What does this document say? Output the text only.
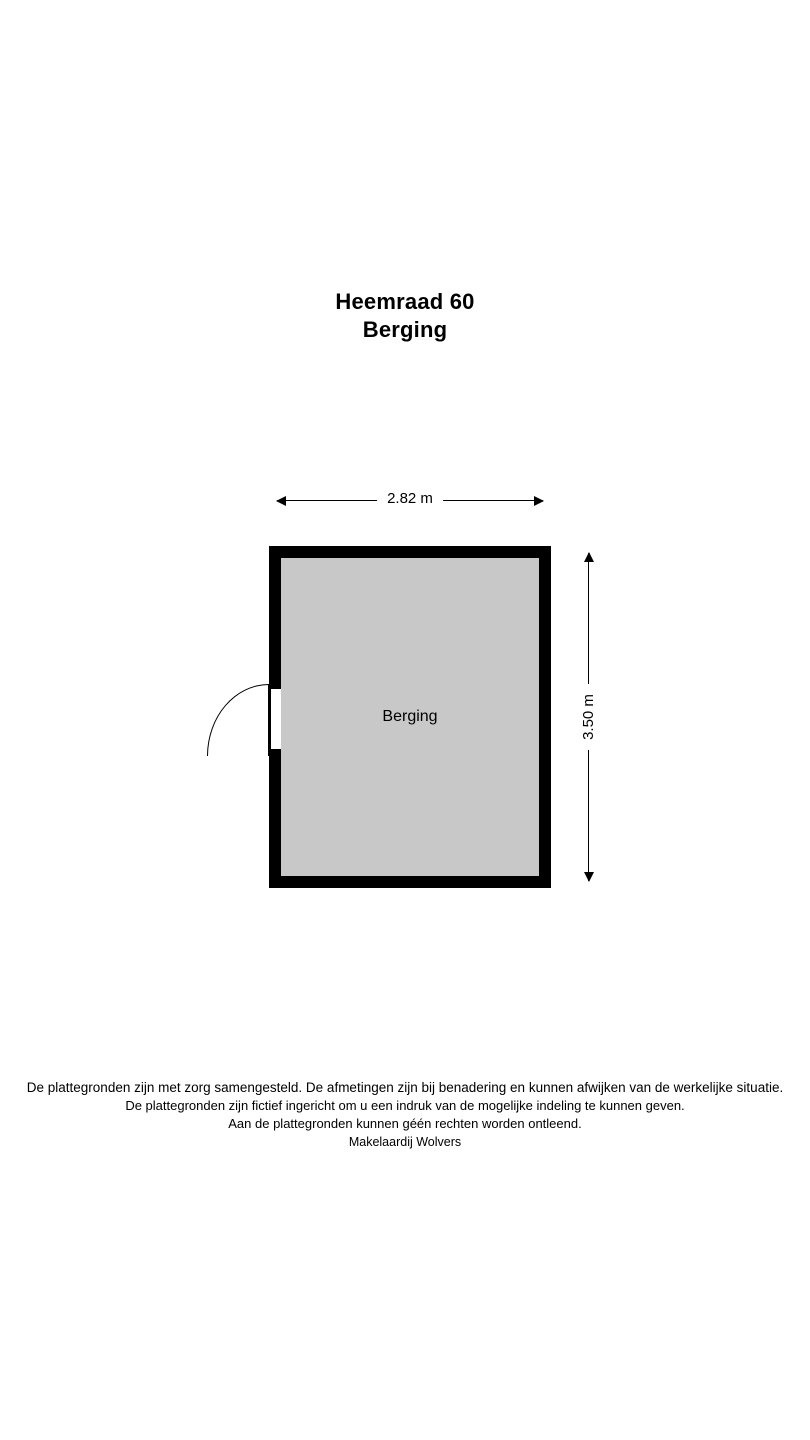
Heemraad 60
Berging
2.82 m
3.50 m
Berging
De plattegronden zijn met zorg samengesteld. De afmetingen zijn bij benadering en kunnen afwijken van de werkelijke situatie.
De plattegronden zijn fictief ingericht om u een indruk van de mogelijke indeling te kunnen geven.
Aan de plattegronden kunnen géén rechten worden ontleend.
Makelaardij Wolvers
